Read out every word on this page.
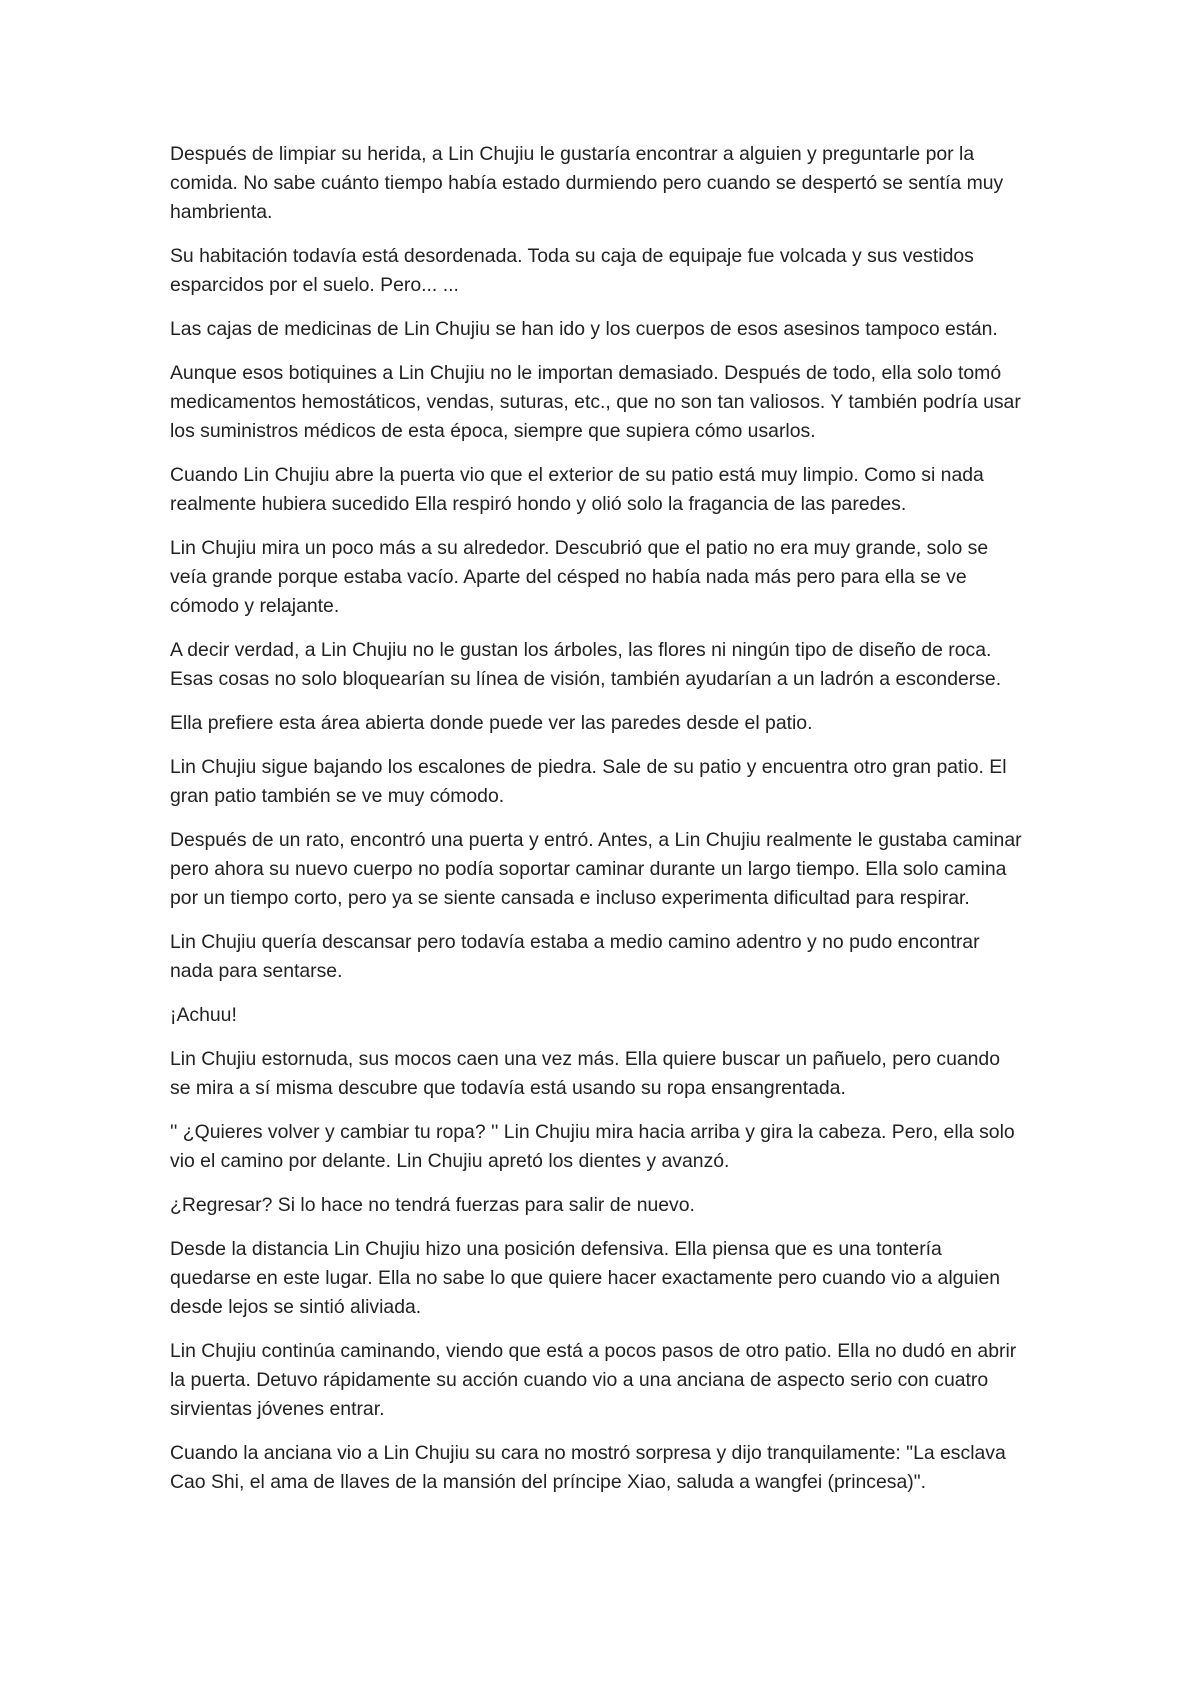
Después de limpiar su herida, a Lin Chujiu le gustaría encontrar a alguien y preguntarle por la comida. No sabe cuánto tiempo había estado durmiendo pero cuando se despertó se sentía muy hambrienta.

Su habitación todavía está desordenada. Toda su caja de equipaje fue volcada y sus vestidos esparcidos por el suelo. Pero... ...

Las cajas de medicinas de Lin Chujiu se han ido y los cuerpos de esos asesinos tampoco están.

Aunque esos botiquines a Lin Chujiu no le importan demasiado. Después de todo, ella solo tomó medicamentos hemostáticos, vendas, suturas, etc., que no son tan valiosos. Y también podría usar los suministros médicos de esta época, siempre que supiera cómo usarlos.

Cuando Lin Chujiu abre la puerta vio que el exterior de su patio está muy limpio. Como si nada realmente hubiera sucedido Ella respiró hondo y olió solo la fragancia de las paredes.

Lin Chujiu mira un poco más a su alrededor. Descubrió que el patio no era muy grande, solo se veía grande porque estaba vacío. Aparte del césped no había nada más pero para ella se ve cómodo y relajante.

A decir verdad, a Lin Chujiu no le gustan los árboles, las flores ni ningún tipo de diseño de roca. Esas cosas no solo bloquearían su línea de visión, también ayudarían a un ladrón a esconderse.

Ella prefiere esta área abierta donde puede ver las paredes desde el patio.

Lin Chujiu sigue bajando los escalones de piedra. Sale de su patio y encuentra otro gran patio. El gran patio también se ve muy cómodo.

Después de un rato, encontró una puerta y entró. Antes, a Lin Chujiu realmente le gustaba caminar pero ahora su nuevo cuerpo no podía soportar caminar durante un largo tiempo. Ella solo camina por un tiempo corto, pero ya se siente cansada e incluso experimenta dificultad para respirar.

Lin Chujiu quería descansar pero todavía estaba a medio camino adentro y no pudo encontrar nada para sentarse.

¡Achuu!

Lin Chujiu estornuda, sus mocos caen una vez más. Ella quiere buscar un pañuelo, pero cuando se mira a sí misma descubre que todavía está usando su ropa ensangrentada.

'' ¿Quieres volver y cambiar tu ropa? '' Lin Chujiu mira hacia arriba y gira la cabeza. Pero, ella solo vio el camino por delante. Lin Chujiu apretó los dientes y avanzó.

¿Regresar? Si lo hace no tendrá fuerzas para salir de nuevo.

Desde la distancia Lin Chujiu hizo una posición defensiva. Ella piensa que es una tontería quedarse en este lugar. Ella no sabe lo que quiere hacer exactamente pero cuando vio a alguien desde lejos se sintió aliviada.

Lin Chujiu continúa caminando, viendo que está a pocos pasos de otro patio. Ella no dudó en abrir la puerta. Detuvo rápidamente su acción cuando vio a una anciana de aspecto serio con cuatro sirvientas jóvenes entrar.

Cuando la anciana vio a Lin Chujiu su cara no mostró sorpresa y dijo tranquilamente: "La esclava Cao Shi, el ama de llaves de la mansión del príncipe Xiao, saluda a wangfei (princesa)".
